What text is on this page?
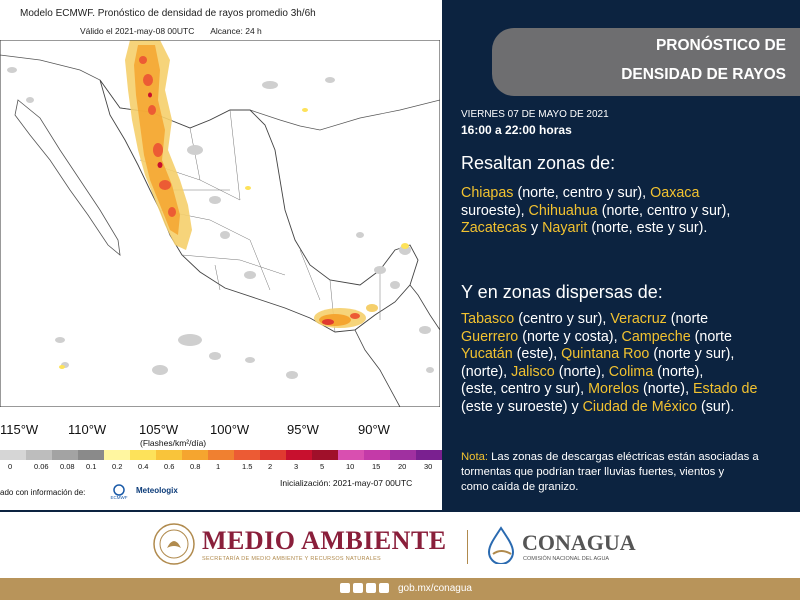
Modelo ECMWF. Pronóstico de densidad de rayos promedio 3h/6h
Válido el 2021-may-08 00UTC Alcance: 24 h
115°W 110°W	105°W 100°W	95°W	90°W
(Flashes/km²/día)
0	0.06 0.08 0.1 0.2 0.4 0.6 0.8 1	1.5 2	3	5	10 15 20 30
ado con información de:
ECMWF
Meteologix
Inicialización: 2021-may-07 00UTC
PRONÓSTICO DE
DENSIDAD DE RAYOS
VIERNES 07 DE MAYO DE 2021
16:00 a 22:00 horas
Resaltan zonas de:
Chiapas (norte, centro y sur), Oaxaca
suroeste), Chihuahua (norte, centro y sur),
Zacatecas y Nayarit (norte, este y sur).
Y en zonas dispersas de:
Tabasco (centro y sur), Veracruz (norte
Guerrero (norte y costa), Campeche (norte
Yucatán (este), Quintana Roo (norte y sur),
(norte), Jalisco (norte), Colima (norte),
(este, centro y sur), Morelos (norte), Estado de
(este y suroeste) y Ciudad de México (sur).
Nota: Las zonas de descargas eléctricas están asociadas a
tormentas que podrían traer lluvias fuertes, vientos y
como caída de granizo.
MEDIO AMBIENTE
SECRETARÍA DE MEDIO AMBIENTE Y RECURSOS NATURALES
CONAGUA
COMISIÓN NACIONAL DEL AGUA
gob.mx/conagua
